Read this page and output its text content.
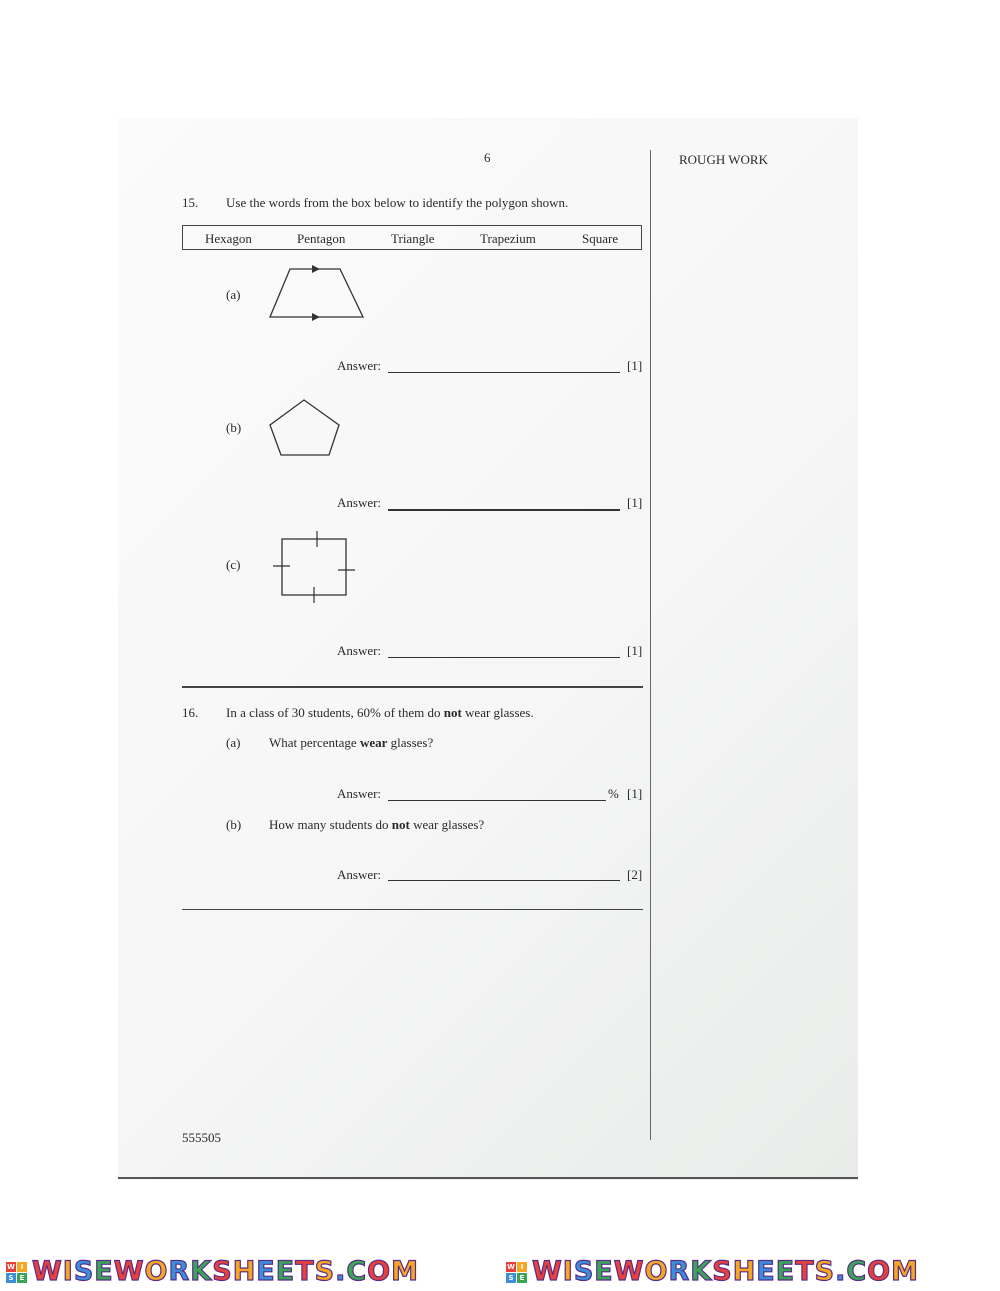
6	ROUGH WORK
15. Use the words from the box below to identify the polygon shown.
Hexagon	Pentagon	Triangle	Trapezium	Square
(a)
Answer:	[1]
(b)
Answer:	[1]
(c)
Answer:	[1]
16. In a class of 30 students, 60% of them do not wear glasses.
(a) What percentage wear glasses?
Answer:	% [1]
(b) How many students do not wear glasses?
Answer:	[2]
555505
W I
S E WISEWORKSHEETS.COM	W I
S E WISEWORKSHEETS.COM
